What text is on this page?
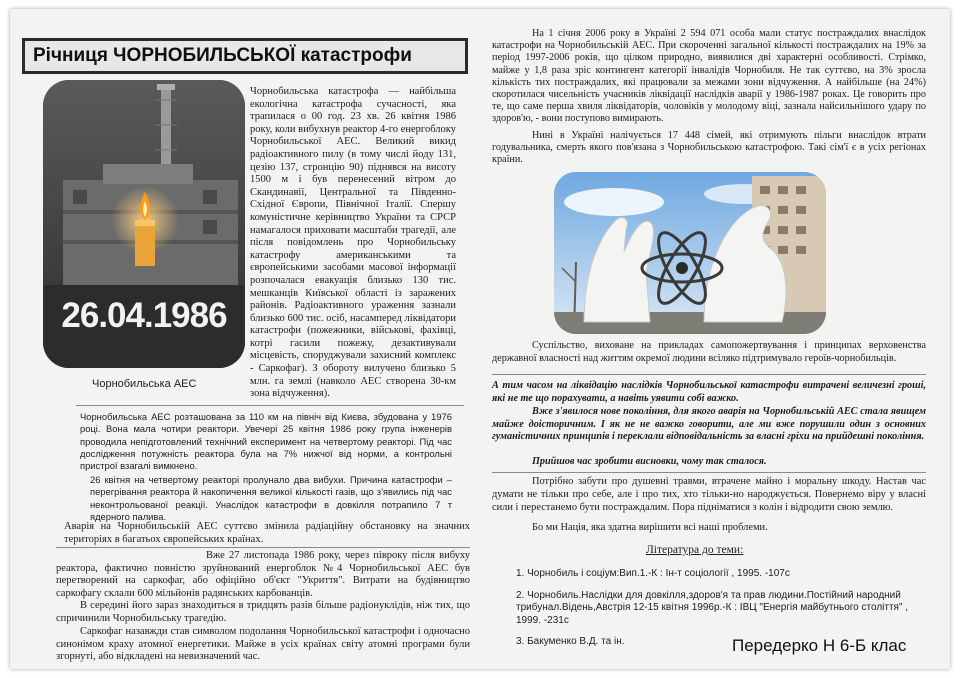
Річниця ЧОРНОБИЛЬСЬКОЇ катастрофи
26.04.1986
Чорнобильська АЕС

Чорнобильська катастрофа — найбільша екологічна катастрофа сучасності, яка трапилася о 00 год. 23 хв. 26 квітня 1986 року, коли вибухнув реактор 4-го енергоблоку Чорнобильської АЕС. Великий викид радіоактивного пилу (в тому числі йоду 131, цезію 137, стронцію 90) піднявся на висоту 1500 м і був перенесений вітром до Скандинавії, Центральної та Південно-Східної Європи, Північної Італії. Спершу комуністичне керівництво України та СРСР намагалося приховати масштаби трагедії, але після повідомлень про Чорнобильську катастрофу американськими та європейськими засобами масової інформації розпочалася евакуація близько 130 тис. мешканців Київської області із заражених районів. Радіоактивного ураження зазнали близько 600 тис. осіб, насамперед ліквідатори катастрофи (пожежники, військові, фахівці, котрі гасили пожежу, дезактивували місцевість, споруджували захисний комплекс - Саркофаг). З обороту вилучено близько 5 млн. га землі (навколо АЕС створена 30-км зона відчуження).

Чорнобильська АЕС розташована за 110 км на північ від Києва, збудована у 1976 році. Вона мала чотири реактори. Увечері 25 квітня 1986 року група інженерів проводила непідготовлений технічний експеримент на четвертому реакторі. Під час дослідження потужність реактора була на 7% нижчої від норми, а контрольні пристрої взагалі вимкнено.

26 квітня на четвертому реакторі пролунало два вибухи. Причина катастрофи – перегрівання реактора й накопичення великої кількості газів, що з'явились під час неконтрольованої реакції. Унаслідок катастрофи в довкілля потрапило 7 т ядерного палива.

Аварія на Чорнобильській АЕС суттєво змінила радіаційну обстановку на значних територіях в багатьох європейських країнах.

Вже 27 листопада 1986 року, через півроку після вибуху реактора, фактично повністю зруйнований енергоблок №4 Чорнобильської АЕС був перетворений на саркофаг, або офіційно об'єкт "Укриття". Витрати на будівництво саркофагу склали 600 мільйонів радянських карбованців.

В середині його зараз знаходиться в тридцять разів більше радіонуклідів, ніж тих, що спричинили Чорнобильську трагедію.

Саркофаг назавжди став символом подолання Чорнобильської катастрофи і одночасно синонімом краху атомної енергетики. Майже в усіх країнах світу атомні програми були згорнуті, або відкладені на невизначений час.

На 1 січня 2006 року в Україні 2 594 071 особа мали статус постраждалих внаслідок катастрофи на Чорнобильській АЕС. При скороченні загальної кількості постраждалих на 19% за період 1997-2006 років, що цілком природно, виявилися дві характерні особливості. Стрімко, майже у 1,8 раза зріс контингент категорії інвалідів Чорнобиля. Не так суттєво, на 3% зросла кількість тих постраждалих, які працювали за межами зони відчуження. А найбільше (на 24%) скоротилася чисельність учасників ліквідації наслідків аварії у 1986-1987 роках. Це говорить про те, що саме перша хвиля ліквідаторів, чоловіків у молодому віці, зазнала найсильнішого удару по здоров'ю, - вони поступово вимирають.

Нині в Україні налічується 17 448 сімей, які отримують пільги внаслідок втрати годувальника, смерть якого пов'язана з Чорнобильською катастрофою. Такі сім'ї є в усіх регіонах країни.

Суспільство, виховане на прикладах самопожертвування і принципах верховенства державної власності над життям окремої людини всіляко підтримувало героїв-чорнобильців.

А тим часом на ліквідацію наслідків Чорнобильської катастрофи витрачені величезні гроші, які не те що порахувати, а навіть уявити собі важко.

Вже з'явилося нове покоління, для якого аварія на Чорнобильській АЕС стала явищем майже доісторичним. І як не не важко говорити, але ми вже порушили один з основних гуманістичних принципів і переклали відповідальність за власні гріхи на прийдешні покоління.

Прийшов час зробити висновки, чому так сталося.

Потрібно забути про душевні травми, втрачене майно і моральну шкоду. Настав час думати не тільки про себе, але і про тих, хто тільки-но народжується. Повернемо віру у власні сили і перестанемо бути постраждалим. Пора підніматися з колін і відродити свою землю.

Бо ми Нація, яка здатна вирішити всі наші проблеми.

Література до теми:
1. Чорнобиль і соціум:Вип.1.-К : Ін-т соціології , 1995. -107с
2. Чорнобиль.Наслідки для довкілля,здоров'я та прав людини.Постійний народний трибунал.Відень,Австрія 12-15 квітня 1996р.-К : ІВЦ "Енергія майбутнього століття" , 1999. -231с
3. Бакуменко В.Д. та ін.	Передерко Н 6-Б клас
